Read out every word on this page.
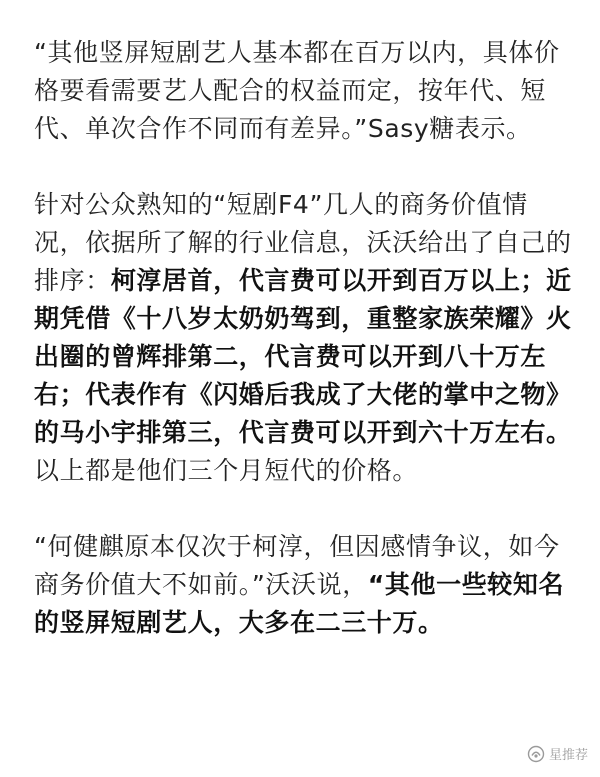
“其他竖屏短剧艺人基本都在百万以内，具体价格要看需要艺人配合的权益而定，按年代、短代、单次合作不同而有差异。”Sasy糖表示。

针对公众熟知的“短剧F4”几人的商务价值情况，依据所了解的行业信息，沃沃给出了自己的排序：柯淳居首，代言费可以开到百万以上；近期凭借《十八岁太奶奶驾到，重整家族荣耀》火出圈的曾辉排第二，代言费可以开到八十万左右；代表作有《闪婚后我成了大佬的掌中之物》的马小宇排第三，代言费可以开到六十万左右。以上都是他们三个月短代的价格。

“何健麒原本仅次于柯淳，但因感情争议，如今商务价值大不如前。”沃沃说，“其他一些较知名的竖屏短剧艺人，大多在二三十万。

星推荐
